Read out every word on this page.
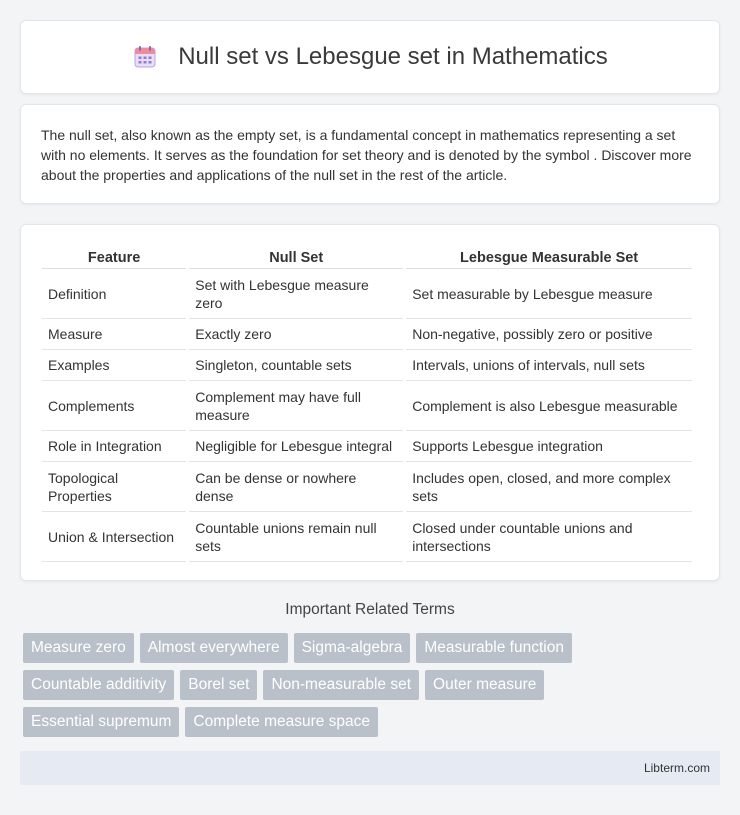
Null set vs Lebesgue set in Mathematics

The null set, also known as the empty set, is a fundamental concept in mathematics representing a set with no elements. It serves as the foundation for set theory and is denoted by the symbol . Discover more about the properties and applications of the null set in the rest of the article.

Feature	Null Set	Lebesgue Measurable Set
Definition	Set with Lebesgue measure zero	Set measurable by Lebesgue measure
Measure	Exactly zero	Non-negative, possibly zero or positive
Examples	Singleton, countable sets	Intervals, unions of intervals, null sets
Complements	Complement may have full measure	Complement is also Lebesgue measurable
Role in Integration	Negligible for Lebesgue integral	Supports Lebesgue integration
Topological Properties	Can be dense or nowhere dense	Includes open, closed, and more complex sets
Union & Intersection	Countable unions remain null sets	Closed under countable unions and intersections
Important Related Terms
Measure zero	Almost everywhere	Sigma-algebra	Measurable function
Countable additivity	Borel set	Non-measurable set	Outer measure
Essential supremum	Complete measure space
Libterm.com
